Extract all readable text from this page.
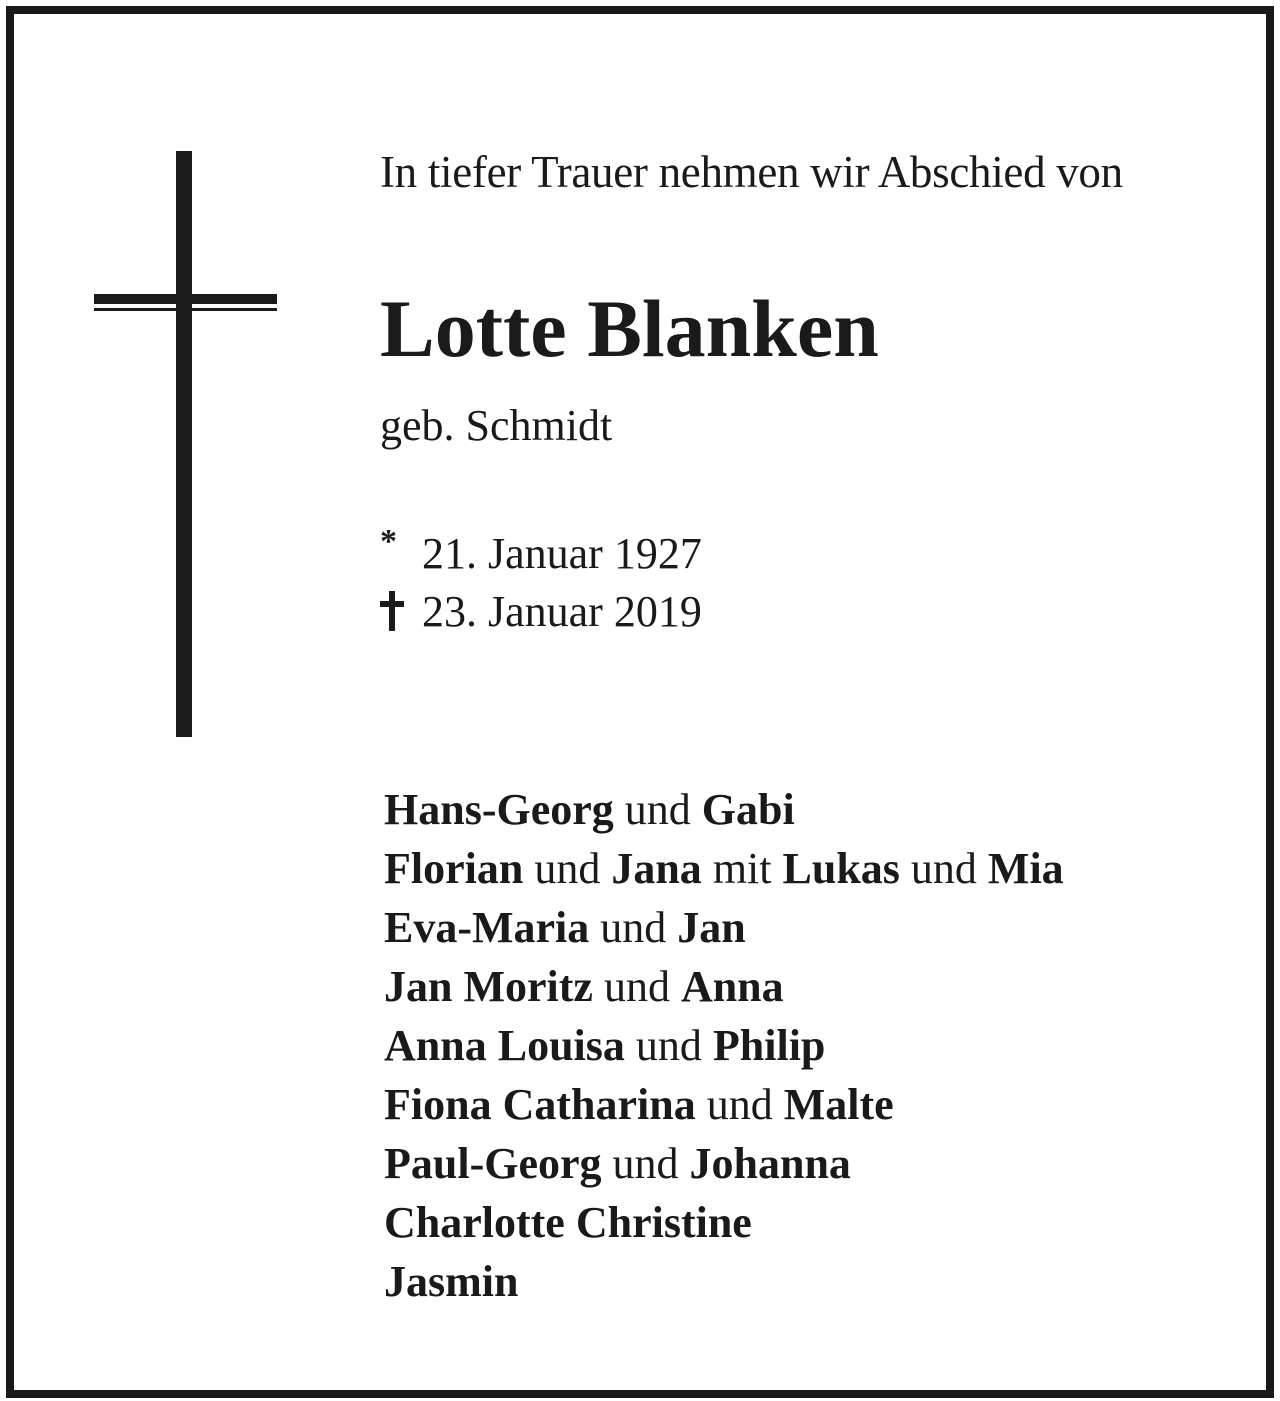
In tiefer Trauer nehmen wir Abschied von
Lotte Blanken
geb. Schmidt
* 21. Januar 1927
23. Januar 2019
Hans-Georg und Gabi
Florian und Jana mit Lukas und Mia
Eva-Maria und Jan
Jan Moritz und Anna
Anna Louisa und Philip
Fiona Catharina und Malte
Paul-Georg und Johanna
Charlotte Christine
Jasmin
